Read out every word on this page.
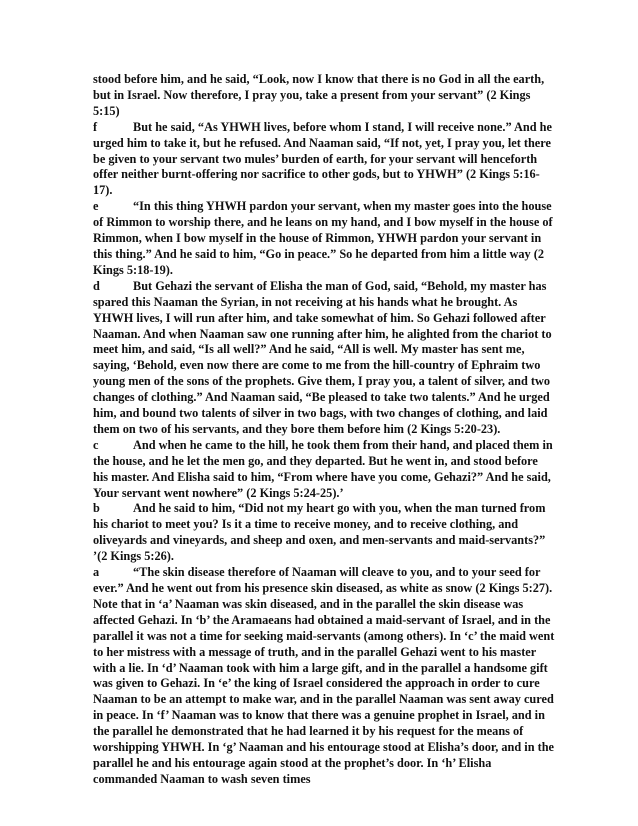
stood before him, and he said, “Look, now I know that there is no God in all the earth, but in Israel. Now therefore, I pray you, take a present from your servant” (2 Kings 5:15)

f	But he said, “As YHWH lives, before whom I stand, I will receive none.” And he urged him to take it, but he refused. And Naaman said, “If not, yet, I pray you, let there be given to your servant two mules’ burden of earth, for your servant will henceforth offer neither burnt-offering nor sacrifice to other gods, but to YHWH” (2 Kings 5:16-17).

e	“In this thing YHWH pardon your servant, when my master goes into the house of Rimmon to worship there, and he leans on my hand, and I bow myself in the house of Rimmon, when I bow myself in the house of Rimmon, YHWH pardon your servant in this thing.” And he said to him, “Go in peace.” So he departed from him a little way (2 Kings 5:18-19).

d	But Gehazi the servant of Elisha the man of God, said, “Behold, my master has spared this Naaman the Syrian, in not receiving at his hands what he brought. As YHWH lives, I will run after him, and take somewhat of him. So Gehazi followed after Naaman. And when Naaman saw one running after him, he alighted from the chariot to meet him, and said, “Is all well?” And he said, “All is well. My master has sent me, saying, ‘Behold, even now there are come to me from the hill-country of Ephraim two young men of the sons of the prophets. Give them, I pray you, a talent of silver, and two changes of clothing.” And Naaman said, “Be pleased to take two talents.” And he urged him, and bound two talents of silver in two bags, with two changes of clothing, and laid them on two of his servants, and they bore them before him (2 Kings 5:20-23).

c	And when he came to the hill, he took them from their hand, and placed them in the house, and he let the men go, and they departed. But he went in, and stood before his master. And Elisha said to him, “From where have you come, Gehazi?” And he said, Your servant went nowhere” (2 Kings 5:24-25).’

b	And he said to him, “Did not my heart go with you, when the man turned from his chariot to meet you? Is it a time to receive money, and to receive clothing, and oliveyards and vineyards, and sheep and oxen, and men-servants and maid-servants?” ’(2 Kings 5:26).

a	“The skin disease therefore of Naaman will cleave to you, and to your seed for ever.” And he went out from his presence skin diseased, as white as snow (2 Kings 5:27).

Note that in ‘a’ Naaman was skin diseased, and in the parallel the skin disease was affected Gehazi. In ‘b’ the Aramaeans had obtained a maid-servant of Israel, and in the parallel it was not a time for seeking maid-servants (among others). In ‘c’ the maid went to her mistress with a message of truth, and in the parallel Gehazi went to his master with a lie. In ‘d’ Naaman took with him a large gift, and in the parallel a handsome gift was given to Gehazi. In ‘e’ the king of Israel considered the approach in order to cure Naaman to be an attempt to make war, and in the parallel Naaman was sent away cured in peace. In ‘f’ Naaman was to know that there was a genuine prophet in Israel, and in the parallel he demonstrated that he had learned it by his request for the means of worshipping YHWH. In ‘g’ Naaman and his entourage stood at Elisha’s door, and in the parallel he and his entourage again stood at the prophet’s door. In ‘h’ Elisha commanded Naaman to wash seven times
